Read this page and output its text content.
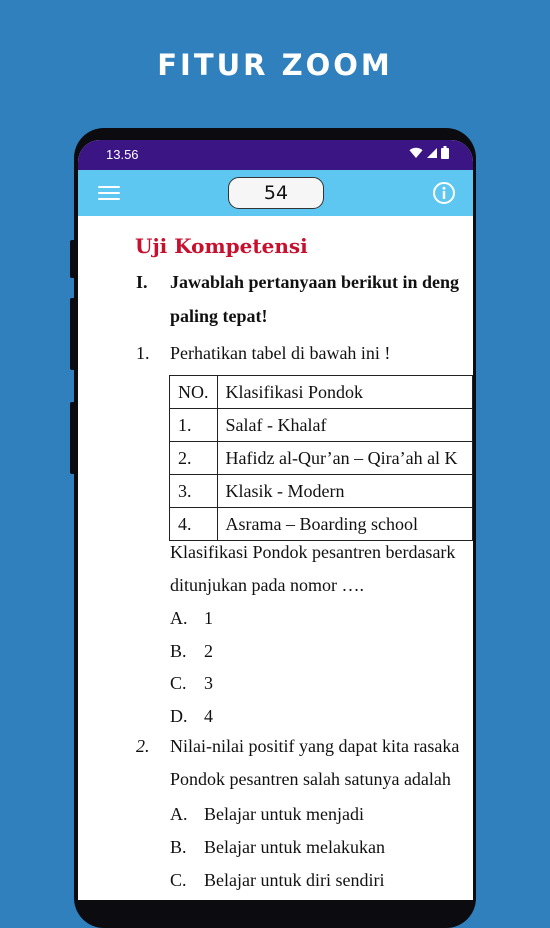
FITUR ZOOM
13.56
54
Uji Kompetensi
I. Jawablah pertanyaan berikut in deng
paling tepat!
1. Perhatikan tabel di bawah ini !
NO.	Klasifikasi Pondok
1.	Salaf - Khalaf
2.	Hafidz al-Qur’an – Qira’ah al K
3.	Klasik - Modern
4.	Asrama – Boarding school
Klasifikasi Pondok pesantren berdasark
ditunjukan pada nomor ….
A. 1
B. 2
C. 3
D. 4
2. Nilai-nilai positif yang dapat kita rasaka
Pondok pesantren salah satunya adalah
A. Belajar untuk menjadi
B. Belajar untuk melakukan
C. Belajar untuk diri sendiri
